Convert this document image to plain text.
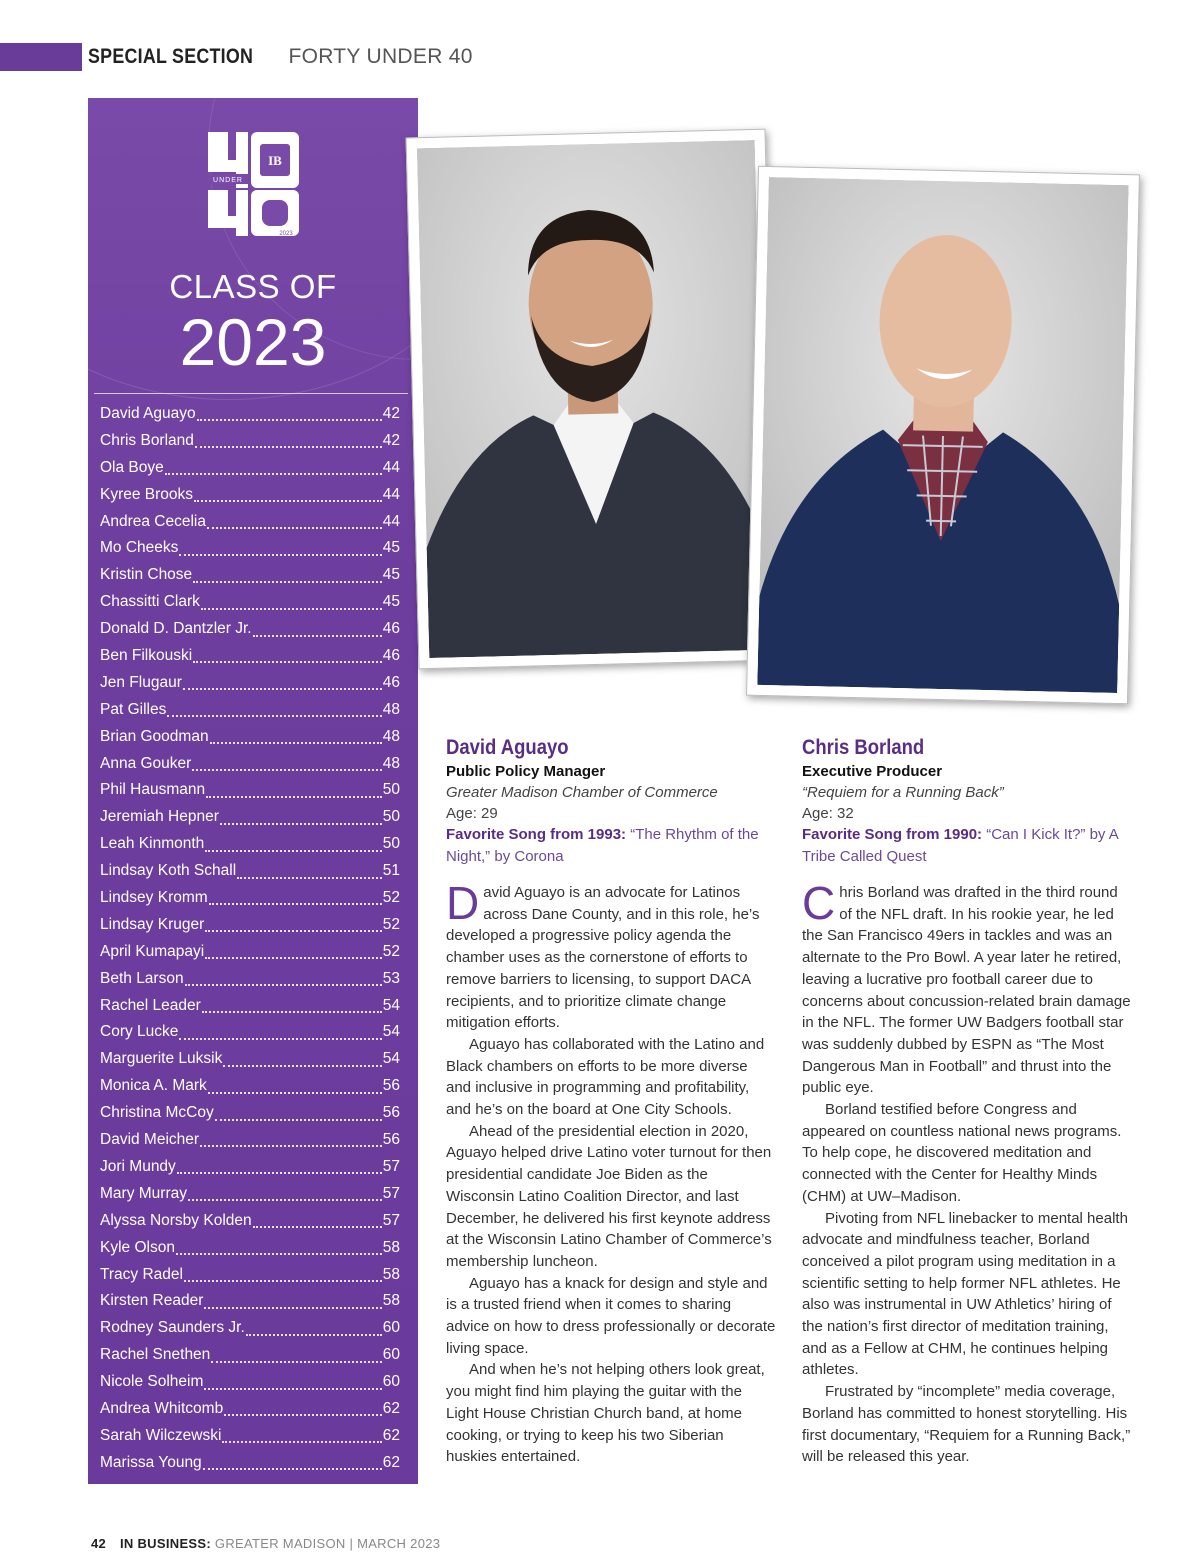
SPECIAL SECTION FORTY UNDER 40
IB
UNDER
2023
CLASS OF
2023
David Aguayo	42
Chris Borland	42
Ola Boye	44
Kyree Brooks	44
Andrea Cecelia	44
Mo Cheeks	45
Kristin Chose	45
Chassitti Clark	45
Donald D. Dantzler Jr.	46
Ben Filkouski	46
Jen Flugaur	46
Pat Gilles	48
Brian Goodman	48
Anna Gouker	48
Phil Hausmann	50
Jeremiah Hepner	50
Leah Kinmonth	50
Lindsay Koth Schall	51
Lindsey Kromm	52
Lindsay Kruger	52
April Kumapayi	52
Beth Larson	53
Rachel Leader	54
Cory Lucke	54
Marguerite Luksik	54
Monica A. Mark	56
Christina McCoy	56
David Meicher	56
Jori Mundy	57
Mary Murray	57
Alyssa Norsby Kolden	57
Kyle Olson	58
Tracy Radel	58
Kirsten Reader	58
Rodney Saunders Jr.	60
Rachel Snethen	60
Nicole Solheim	60
Andrea Whitcomb	62
Sarah Wilczewski	62
Marissa Young	62
David Aguayo
Public Policy Manager
Greater Madison Chamber of Commerce
Age: 29
Favorite Song from 1993: “The Rhythm of the Night,” by Corona

David Aguayo is an advocate for Latinos across Dane County, and in this role, he’s developed a progressive policy agenda the chamber uses as the cornerstone of efforts to remove barriers to licensing, to support DACA recipients, and to prioritize climate change mitigation efforts.

Aguayo has collaborated with the Latino and Black chambers on efforts to be more diverse and inclusive in programming and profitability, and he’s on the board at One City Schools.

Ahead of the presidential election in 2020, Aguayo helped drive Latino voter turnout for then presidential candidate Joe Biden as the Wisconsin Latino Coalition Director, and last December, he delivered his first keynote address at the Wisconsin Latino Chamber of Commerce’s membership luncheon.

Aguayo has a knack for design and style and is a trusted friend when it comes to sharing advice on how to dress professionally or decorate living space.

And when he’s not helping others look great, you might find him playing the guitar with the Light House Christian Church band, at home cooking, or trying to keep his two Siberian huskies entertained.

Chris Borland
Executive Producer
“Requiem for a Running Back”
Age: 32
Favorite Song from 1990: “Can I Kick It?” by A Tribe Called Quest

Chris Borland was drafted in the third round of the NFL draft. In his rookie year, he led the San Francisco 49ers in tackles and was an alternate to the Pro Bowl. A year later he retired, leaving a lucrative pro football career due to concerns about concussion-related brain damage in the NFL. The former UW Badgers football star was suddenly dubbed by ESPN as “The Most Dangerous Man in Football” and thrust into the public eye.

Borland testified before Congress and appeared on countless national news programs. To help cope, he discovered meditation and connected with the Center for Healthy Minds (CHM) at UW–Madison.

Pivoting from NFL linebacker to mental health advocate and mindfulness teacher, Borland conceived a pilot program using meditation in a scientific setting to help former NFL athletes. He also was instrumental in UW Athletics’ hiring of the nation’s first director of meditation training, and as a Fellow at CHM, he continues helping athletes.

Frustrated by “incomplete” media coverage, Borland has committed to honest storytelling. His first documentary, “Requiem for a Running Back,” will be released this year.

42 IN BUSINESS: GREATER MADISON | MARCH 2023
